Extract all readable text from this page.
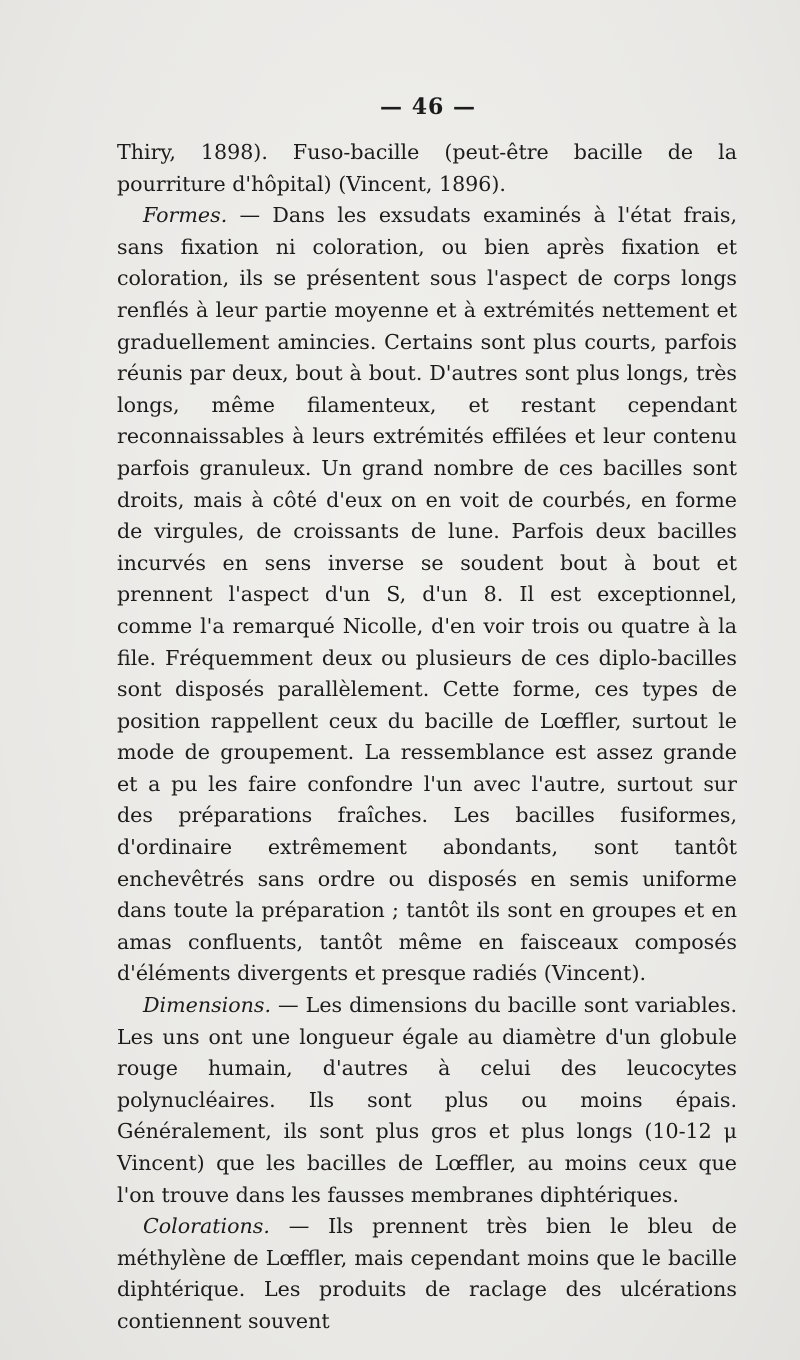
— 46 —

Thiry, 1898). Fuso-bacille (peut-être bacille de la pourriture d'hôpital) (Vincent, 1896).

Formes. — Dans les exsudats examinés à l'état frais, sans fixation ni coloration, ou bien après fixation et coloration, ils se présentent sous l'aspect de corps longs renflés à leur partie moyenne et à extrémités nettement et graduellement amincies. Certains sont plus courts, parfois réunis par deux, bout à bout. D'autres sont plus longs, très longs, même filamenteux, et restant cependant reconnaissables à leurs extrémités effilées et leur contenu parfois granuleux. Un grand nombre de ces bacilles sont droits, mais à côté d'eux on en voit de courbés, en forme de virgules, de croissants de lune. Parfois deux bacilles incurvés en sens inverse se soudent bout à bout et prennent l'aspect d'un S, d'un 8. Il est exceptionnel, comme l'a remarqué Nicolle, d'en voir trois ou quatre à la file. Fréquemment deux ou plusieurs de ces diplo-bacilles sont disposés parallèlement. Cette forme, ces types de position rappellent ceux du bacille de Lœffler, surtout le mode de groupement. La ressemblance est assez grande et a pu les faire confondre l'un avec l'autre, surtout sur des préparations fraîches. Les bacilles fusiformes, d'ordinaire extrêmement abondants, sont tantôt enchevêtrés sans ordre ou disposés en semis uniforme dans toute la préparation ; tantôt ils sont en groupes et en amas confluents, tantôt même en faisceaux composés d'éléments divergents et presque radiés (Vincent).

Dimensions. — Les dimensions du bacille sont variables. Les uns ont une longueur égale au diamètre d'un globule rouge humain, d'autres à celui des leucocytes polynucléaires. Ils sont plus ou moins épais. Généralement, ils sont plus gros et plus longs (10-12 μ Vincent) que les bacilles de Lœffler, au moins ceux que l'on trouve dans les fausses membranes diphtériques.

Colorations. — Ils prennent très bien le bleu de méthylène de Lœffler, mais cependant moins que le bacille diphtérique. Les produits de raclage des ulcérations contiennent souvent
